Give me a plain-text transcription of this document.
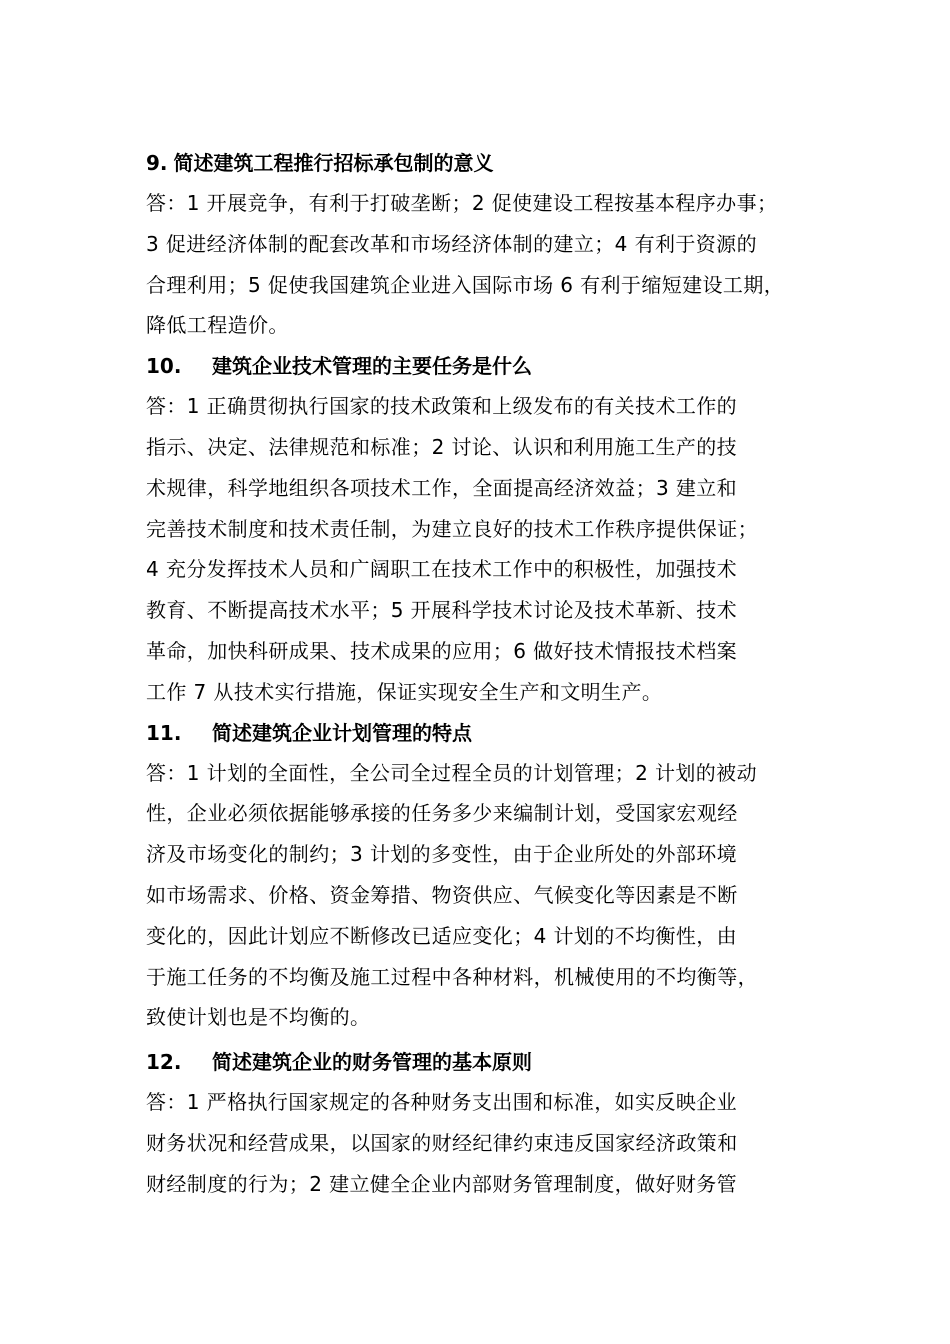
9. 简述建筑工程推行招标承包制的意义
答：1 开展竞争，有利于打破垄断；2 促使建设工程按基本程序办事；
3 促进经济体制的配套改革和市场经济体制的建立；4 有利于资源的
合理利用；5 促使我国建筑企业进入国际市场 6 有利于缩短建设工期，
降低工程造价。
10.	建筑企业技术管理的主要任务是什么
答：1 正确贯彻执行国家的技术政策和上级发布的有关技术工作的
指示、决定、法律规范和标准；2 讨论、认识和利用施工生产的技
术规律，科学地组织各项技术工作，全面提高经济效益；3 建立和
完善技术制度和技术责任制，为建立良好的技术工作秩序提供保证；
4 充分发挥技术人员和广阔职工在技术工作中的积极性，加强技术
教育、不断提高技术水平；5 开展科学技术讨论及技术革新、技术
革命，加快科研成果、技术成果的应用；6 做好技术情报技术档案
工作 7 从技术实行措施，保证实现安全生产和文明生产。
11.	简述建筑企业计划管理的特点
答：1 计划的全面性，全公司全过程全员的计划管理；2 计划的被动
性，企业必须依据能够承接的任务多少来编制计划，受国家宏观经
济及市场变化的制约；3 计划的多变性，由于企业所处的外部环境
如市场需求、价格、资金筹措、物资供应、气候变化等因素是不断
变化的，因此计划应不断修改已适应变化；4 计划的不均衡性，由
于施工任务的不均衡及施工过程中各种材料，机械使用的不均衡等，
致使计划也是不均衡的。
12.	简述建筑企业的财务管理的基本原则
答：1 严格执行国家规定的各种财务支出围和标准，如实反映企业
财务状况和经营成果，以国家的财经纪律约束违反国家经济政策和
财经制度的行为；2 建立健全企业内部财务管理制度，做好财务管
